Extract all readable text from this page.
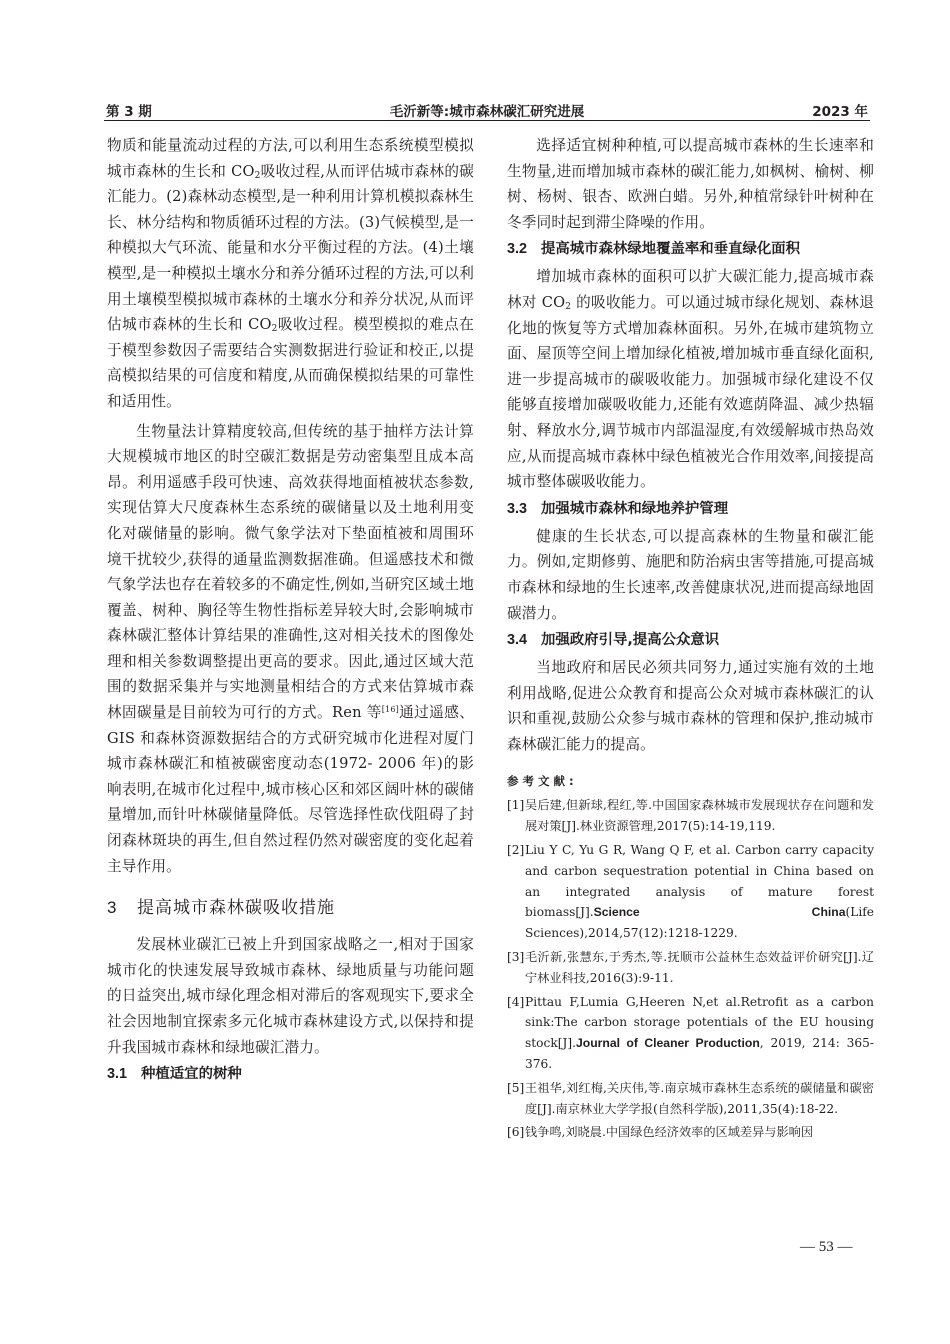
第 3 期	毛沂新等:城市森林碳汇研究进展	2023 年

物质和能量流动过程的方法,可以利用生态系统模型模拟城市森林的生长和 $CO_2$吸收过程,从而评估城市森林的碳汇能力。(2)森林动态模型,是一种利用计算机模拟森林生长、林分结构和物质循环过程的方法。(3)气候模型,是一种模拟大气环流、能量和水分平衡过程的方法。(4)土壤模型,是一种模拟土壤水分和养分循环过程的方法,可以利用土壤模型模拟城市森林的土壤水分和养分状况,从而评估城市森林的生长和 $CO_2$吸收过程。模型模拟的难点在于模型参数因子需要结合实测数据进行验证和校正,以提高模拟结果的可信度和精度,从而确保模拟结果的可靠性和适用性。

生物量法计算精度较高,但传统的基于抽样方法计算大规模城市地区的时空碳汇数据是劳动密集型且成本高昂。利用遥感手段可快速、高效获得地面植被状态参数,实现估算大尺度森林生态系统的碳储量以及土地利用变化对碳储量的影响。微气象学法对下垫面植被和周围环境干扰较少,获得的通量监测数据准确。但遥感技术和微气象学法也存在着较多的不确定性,例如,当研究区域土地覆盖、树种、胸径等生物性指标差异较大时,会影响城市森林碳汇整体计算结果的准确性,这对相关技术的图像处理和相关参数调整提出更高的要求。因此,通过区域大范围的数据采集并与实地测量相结合的方式来估算城市森林固碳量是目前较为可行的方式。Ren 等[16]通过遥感、GIS 和森林资源数据结合的方式研究城市化进程对厦门城市森林碳汇和植被碳密度动态(1972- 2006 年)的影响表明,在城市化过程中,城市核心区和郊区阔叶林的碳储量增加,而针叶林碳储量降低。尽管选择性砍伐阻碍了封闭森林斑块的再生,但自然过程仍然对碳密度的变化起着主导作用。

3 提高城市森林碳吸收措施

发展林业碳汇已被上升到国家战略之一,相对于国家城市化的快速发展导致城市森林、绿地质量与功能问题的日益突出,城市绿化理念相对滞后的客观现实下,要求全社会因地制宜探索多元化城市森林建设方式,以保持和提升我国城市森林和绿地碳汇潜力。

3.1 种植适宜的树种

选择适宜树种种植,可以提高城市森林的生长速率和生物量,进而增加城市森林的碳汇能力,如枫树、榆树、柳树、杨树、银杏、欧洲白蜡。另外,种植常绿针叶树种在冬季同时起到滞尘降噪的作用。

3.2 提高城市森林绿地覆盖率和垂直绿化面积

增加城市森林的面积可以扩大碳汇能力,提高城市森林对 $CO_2$ 的吸收能力。可以通过城市绿化规划、森林退化地的恢复等方式增加森林面积。另外,在城市建筑物立面、屋顶等空间上增加绿化植被,增加城市垂直绿化面积,进一步提高城市的碳吸收能力。加强城市绿化建设不仅能够直接增加碳吸收能力,还能有效遮荫降温、减少热辐射、释放水分,调节城市内部温湿度,有效缓解城市热岛效应,从而提高城市森林中绿色植被光合作用效率,间接提高城市整体碳吸收能力。

3.3 加强城市森林和绿地养护管理

健康的生长状态,可以提高森林的生物量和碳汇能力。例如,定期修剪、施肥和防治病虫害等措施,可提高城市森林和绿地的生长速率,改善健康状况,进而提高绿地固碳潜力。

3.4 加强政府引导,提高公众意识

当地政府和居民必须共同努力,通过实施有效的土地利用战略,促进公众教育和提高公众对城市森林碳汇的认识和重视,鼓励公众参与城市森林的管理和保护,推动城市森林碳汇能力的提高。

参考文献:
[1] 吴后建,但新球,程红,等.中国国家森林城市发展现状存在问题和发展对策[J].林业资源管理,2017(5):14-19,119.
[2] Liu Y C, Yu G R, Wang Q F, et al. Carbon carry capacity and carbon sequestration potential in China based on an integrated analysis of mature forest biomass[J].Science China(Life Sciences),2014,57(12):1218-1229.
[3] 毛沂新,张慧东,于秀杰,等.抚顺市公益林生态效益评价研究[J].辽宁林业科技,2016(3):9-11.
[4] Pittau F,Lumia G,Heeren N,et al.Retrofit as a carbon sink:The carbon storage potentials of the EU housing stock[J].Journal of Cleaner Production, 2019, 214: 365-376.
[5] 王祖华,刘红梅,关庆伟,等.南京城市森林生态系统的碳储量和碳密度[J].南京林业大学学报(自然科学版),2011,35(4):18-22.
[6] 钱争鸣,刘晓晨.中国绿色经济效率的区域差异与影响因
— 53 —
